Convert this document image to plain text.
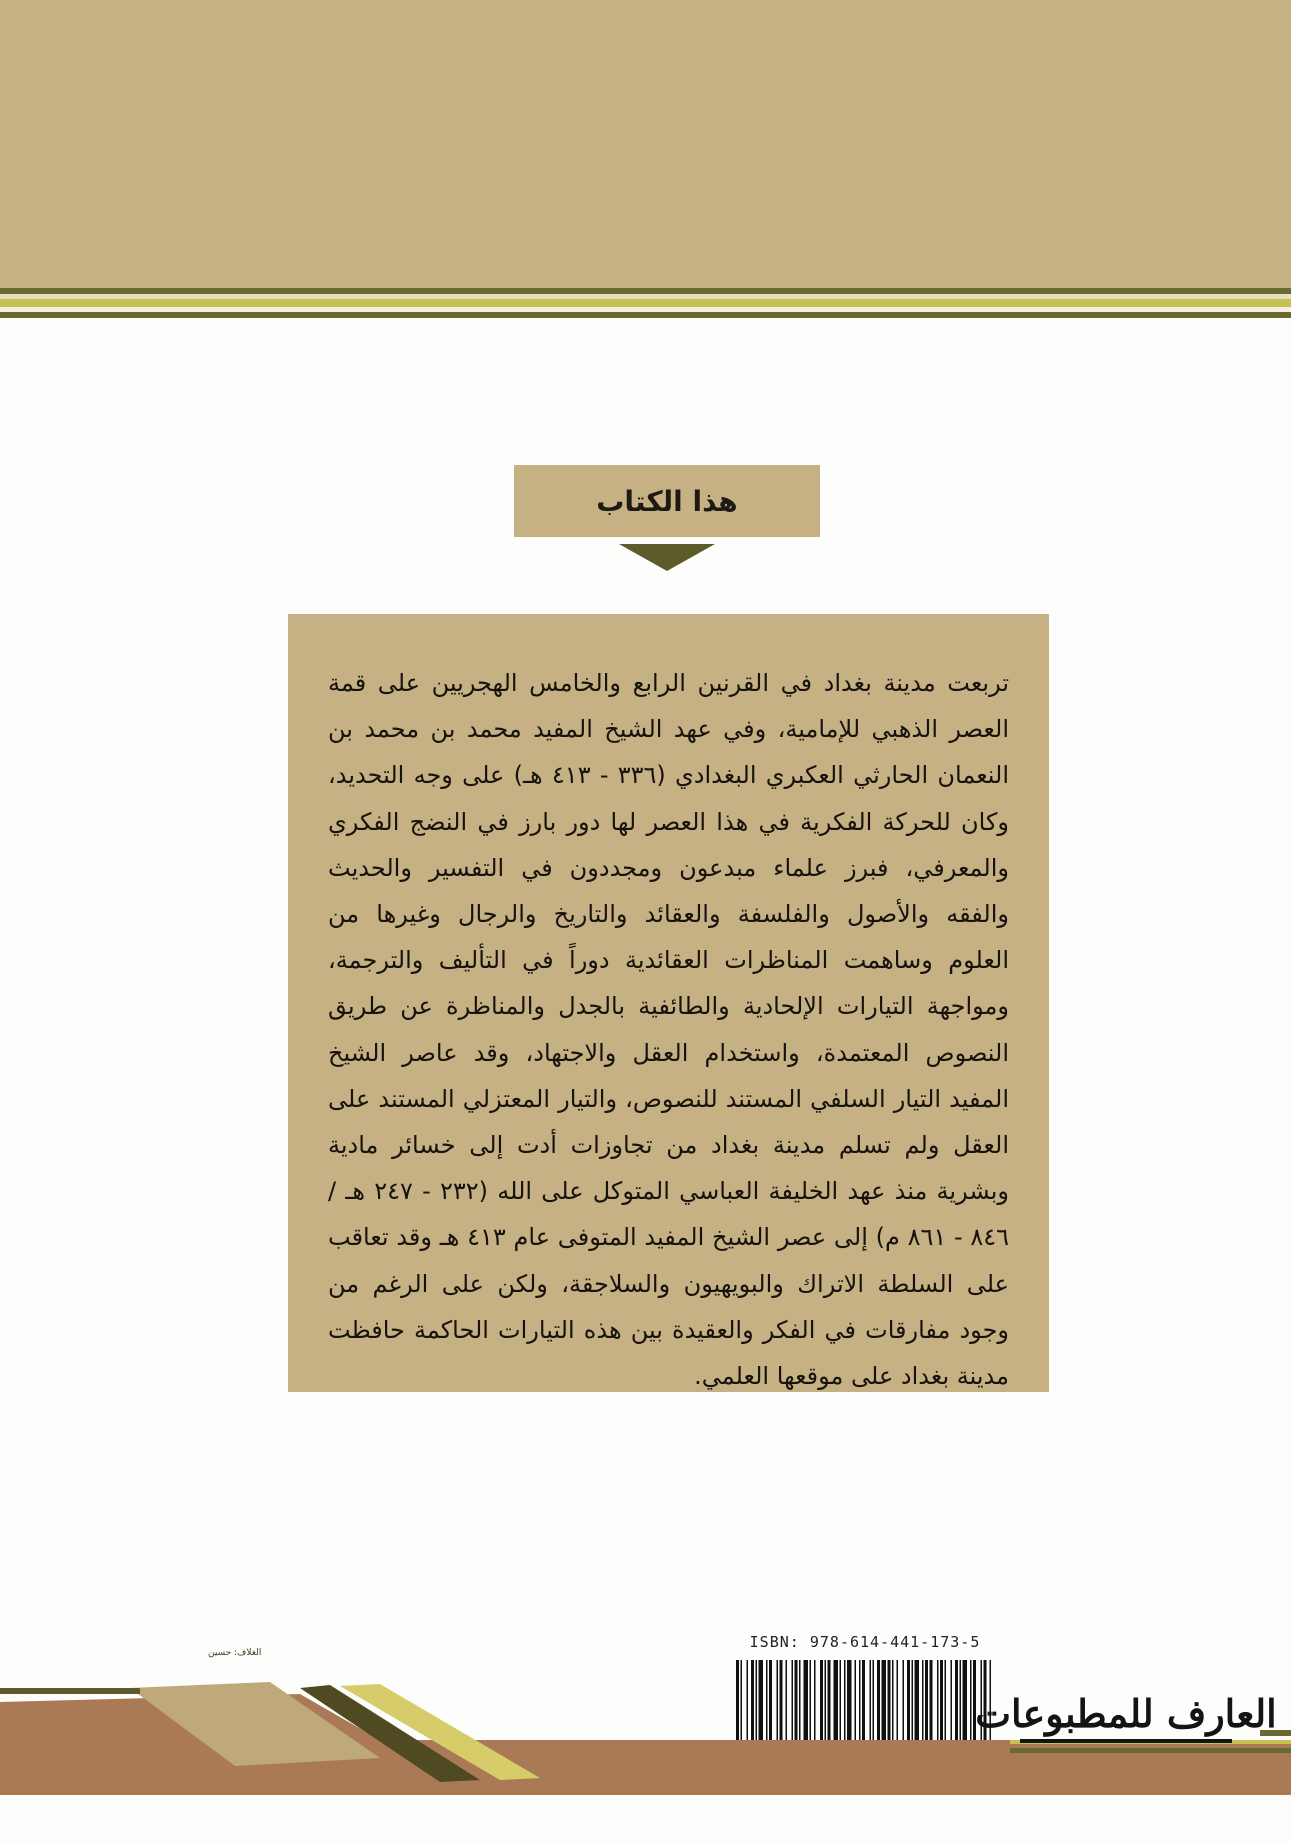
هذا الكتاب
تربعت مدينة بغداد في القرنين الرابع والخامس الهجريين على قمة العصر الذهبي للإمامية، وفي عهد الشيخ المفيد محمد بن محمد بن النعمان الحارثي العكبري البغدادي (٣٣٦ - ٤١٣ هـ) على وجه التحديد، وكان للحركة الفكرية في هذا العصر لها دور بارز في النضج الفكري والمعرفي، فبرز علماء مبدعون ومجددون في التفسير والحديث والفقه والأصول والفلسفة والعقائد والتاريخ والرجال وغيرها من العلوم وساهمت المناظرات العقائدية دوراً في التأليف والترجمة، ومواجهة التيارات الإلحادية والطائفية بالجدل والمناظرة عن طريق النصوص المعتمدة، واستخدام العقل والاجتهاد، وقد عاصر الشيخ المفيد التيار السلفي المستند للنصوص، والتيار المعتزلي المستند على العقل ولم تسلم مدينة بغداد من تجاوزات أدت إلى خسائر مادية وبشرية منذ عهد الخليفة العباسي المتوكل على الله (٢٣٢ - ٢٤٧ هـ / ٨٤٦ - ٨٦١ م) إلى عصر الشيخ المفيد المتوفى عام ٤١٣ هـ وقد تعاقب على السلطة الاتراك والبويهيون والسلاجقة، ولكن على الرغم من وجود مفارقات في الفكر والعقيدة بين هذه التيارات الحاكمة حافظت مدينة بغداد على موقعها العلمي.
ISBN: 978-614-441-173-5
الغلاف: حسين
العارف للمطبوعات
